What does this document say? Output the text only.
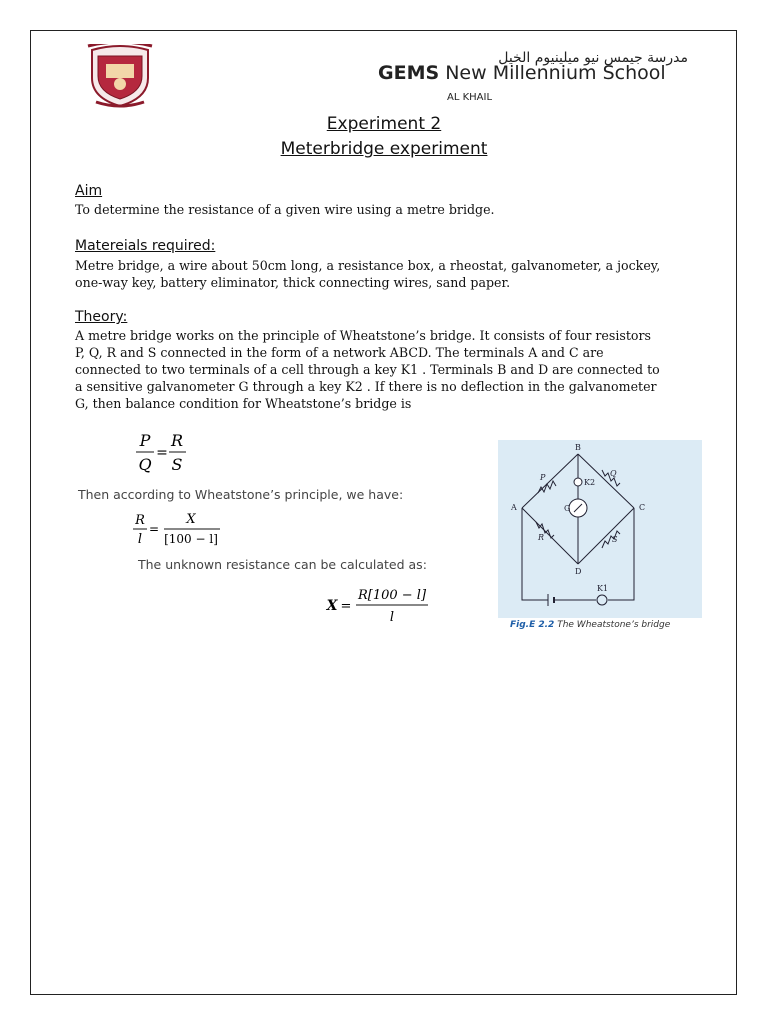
مدرسة جيمس نيو ميلينيوم الخيل
GEMS New Millennium School
AL KHAIL
Experiment 2
Meterbridge experiment
Aim
To determine the resistance of a given wire using a metre bridge.
Matereials required:
Metre bridge, a wire about 50cm long, a resistance box, a rheostat, galvanometer, a jockey,
one-way key, battery eliminator, thick connecting wires, sand paper.
Theory:
A metre bridge works on the principle of Wheatstone’s bridge. It consists of four resistors
P, Q, R and S connected in the form of a network ABCD. The terminals A and C are
connected to two terminals of a cell through a key K1 . Terminals B and D are connected to
a sensitive galvanometer G through a key K2 . If there is no deflection in the galvanometer
G, then balance condition for Wheatstone’s bridge is
P
Q
=
R
S
Then according to Wheatstone’s principle, we have:
R
l
=
X
[100 − l]
The unknown resistance can be calculated as:
X =
R[100 − l]
l
B
A	C
D
G
P	Q
R	S
K1
K2
Fig.E 2.2 The Wheatstone’s bridge
